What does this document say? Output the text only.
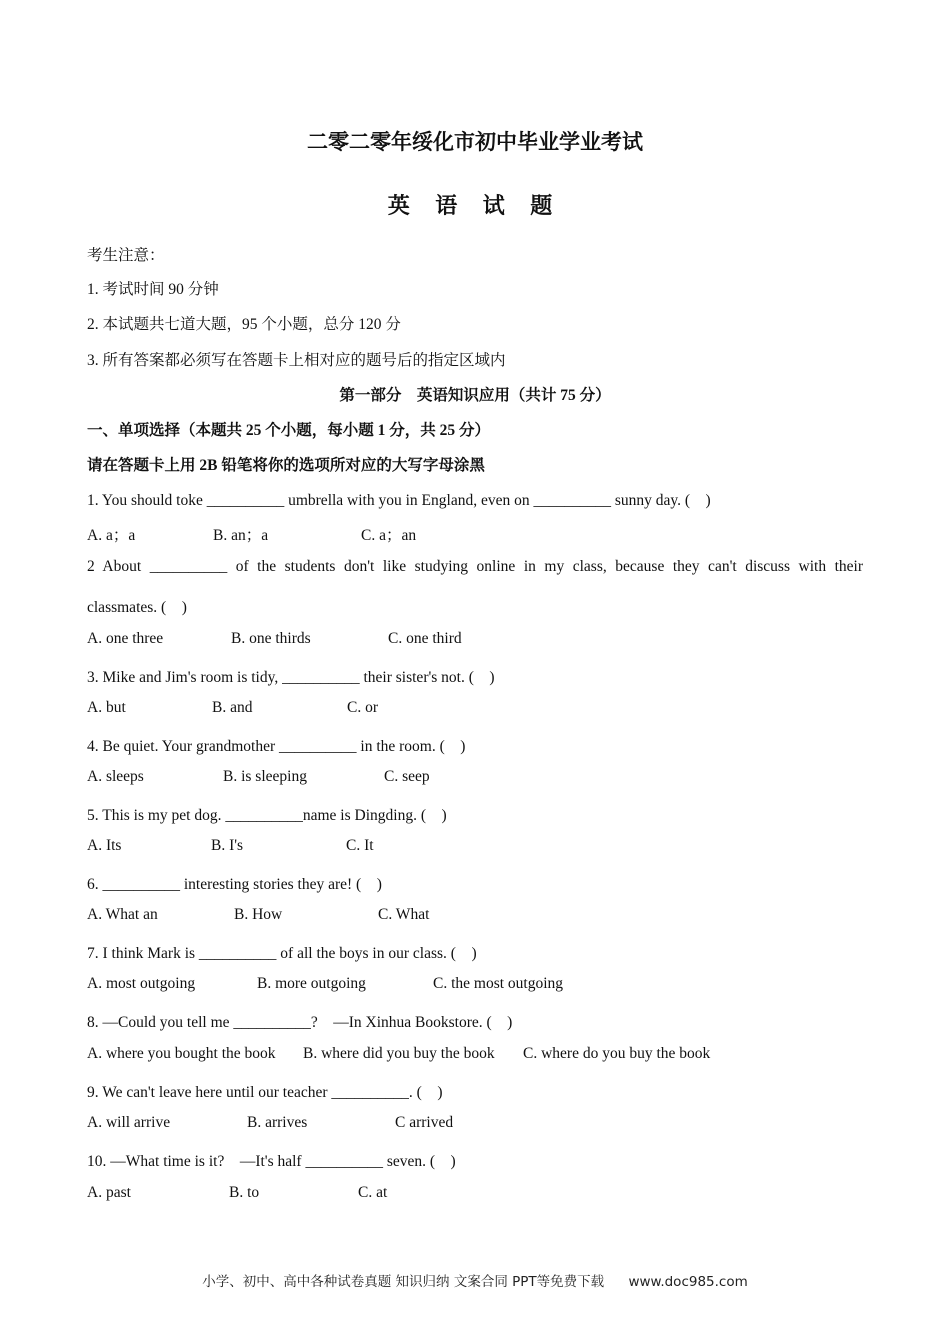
二零二零年绥化市初中毕业学业考试
英 语 试 题
考生注意：
1. 考试时间 90 分钟
2. 本试题共七道大题，95 个小题，总分 120 分
3. 所有答案都必须写在答题卡上相对应的题号后的指定区域内
第一部分　英语知识应用（共计 75 分）
一、单项选择（本题共 25 个小题，每小题 1 分，共 25 分）
请在答题卡上用 2B 铅笔将你的选项所对应的大写字母涂黑
1. You should toke __________ umbrella with you in England, even on __________ sunny day. (　)
A. a；a	B. an；a	C. a；an
2 About __________ of the students don't like studying online in my class, because they can't discuss with their
classmates. (　)
A. one three	B. one thirds	C. one third
3. Mike and Jim's room is tidy, __________ their sister's not. (　)
A. but	B. and	C. or
4. Be quiet. Your grandmother __________ in the room. (　)
A. sleeps	B. is sleeping	C. seep
5. This is my pet dog. __________name is Dingding. (　)
A. Its	B. I's	C. It
6. __________ interesting stories they are! (　)
A. What an	B. How	C. What
7. I think Mark is __________ of all the boys in our class. (　)
A. most outgoing	B. more outgoing	C. the most outgoing
8. —Could you tell me __________?　—In Xinhua Bookstore. (　)
A. where you bought the book B. where did you buy the book C. where do you buy the book
9. We can't leave here until our teacher __________. (　)
A. will arrive	B. arrives	C arrived
10. —What time is it?　—It's half __________ seven. (　)
A. past	B. to	C. at
小学、初中、高中各种试卷真题 知识归纳 文案合同 PPT等免费下载 www.doc985.com
